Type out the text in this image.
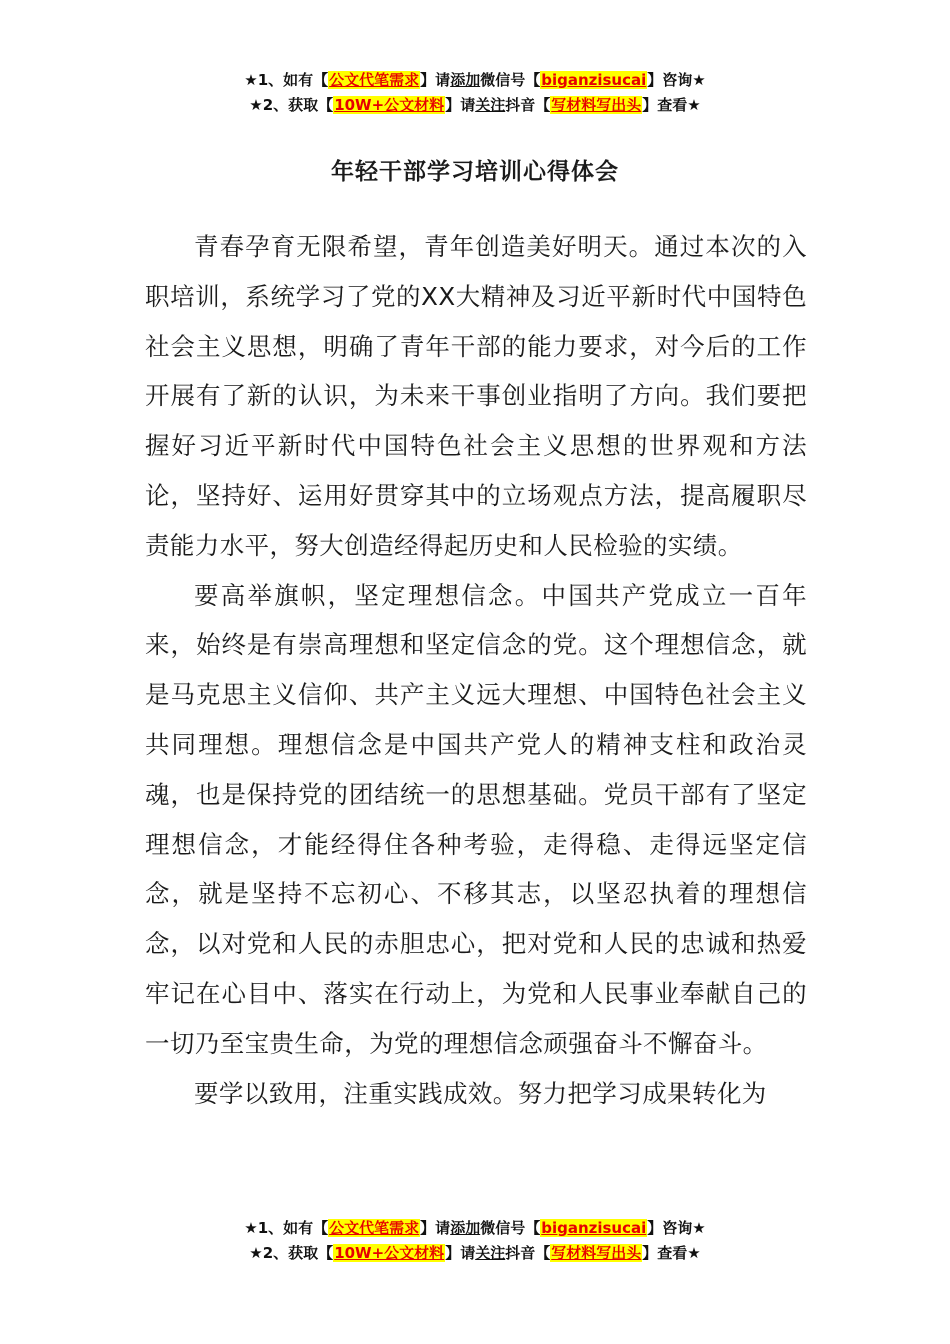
★1、如有【公文代笔需求】请添加微信号【biganzisucai】咨询★
★2、获取【10W+公文材料】请关注抖音【写材料写出头】查看★
年轻干部学习培训心得体会

青春孕育无限希望，青年创造美好明天。通过本次的入职培训，系统学习了党的XX大精神及习近平新时代中国特色社会主义思想，明确了青年干部的能力要求，对今后的工作开展有了新的认识，为未来干事创业指明了方向。我们要把握好习近平新时代中国特色社会主义思想的世界观和方法论，坚持好、运用好贯穿其中的立场观点方法，提高履职尽责能力水平，努大创造经得起历史和人民检验的实绩。

要高举旗帜，坚定理想信念。中国共产党成立一百年来，始终是有崇高理想和坚定信念的党。这个理想信念，就是马克思主义信仰、共产主义远大理想、中国特色社会主义共同理想。理想信念是中国共产党人的精神支柱和政治灵魂，也是保持党的团结统一的思想基础。党员干部有了坚定理想信念，才能经得住各种考验，走得稳、走得远坚定信念，就是坚持不忘初心、不移其志，以坚忍执着的理想信念，以对党和人民的赤胆忠心，把对党和人民的忠诚和热爱牢记在心目中、落实在行动上，为党和人民事业奉献自己的一切乃至宝贵生命，为党的理想信念顽强奋斗不懈奋斗。

要学以致用，注重实践成效。努力把学习成果转化为

★1、如有【公文代笔需求】请添加微信号【biganzisucai】咨询★
★2、获取【10W+公文材料】请关注抖音【写材料写出头】查看★
